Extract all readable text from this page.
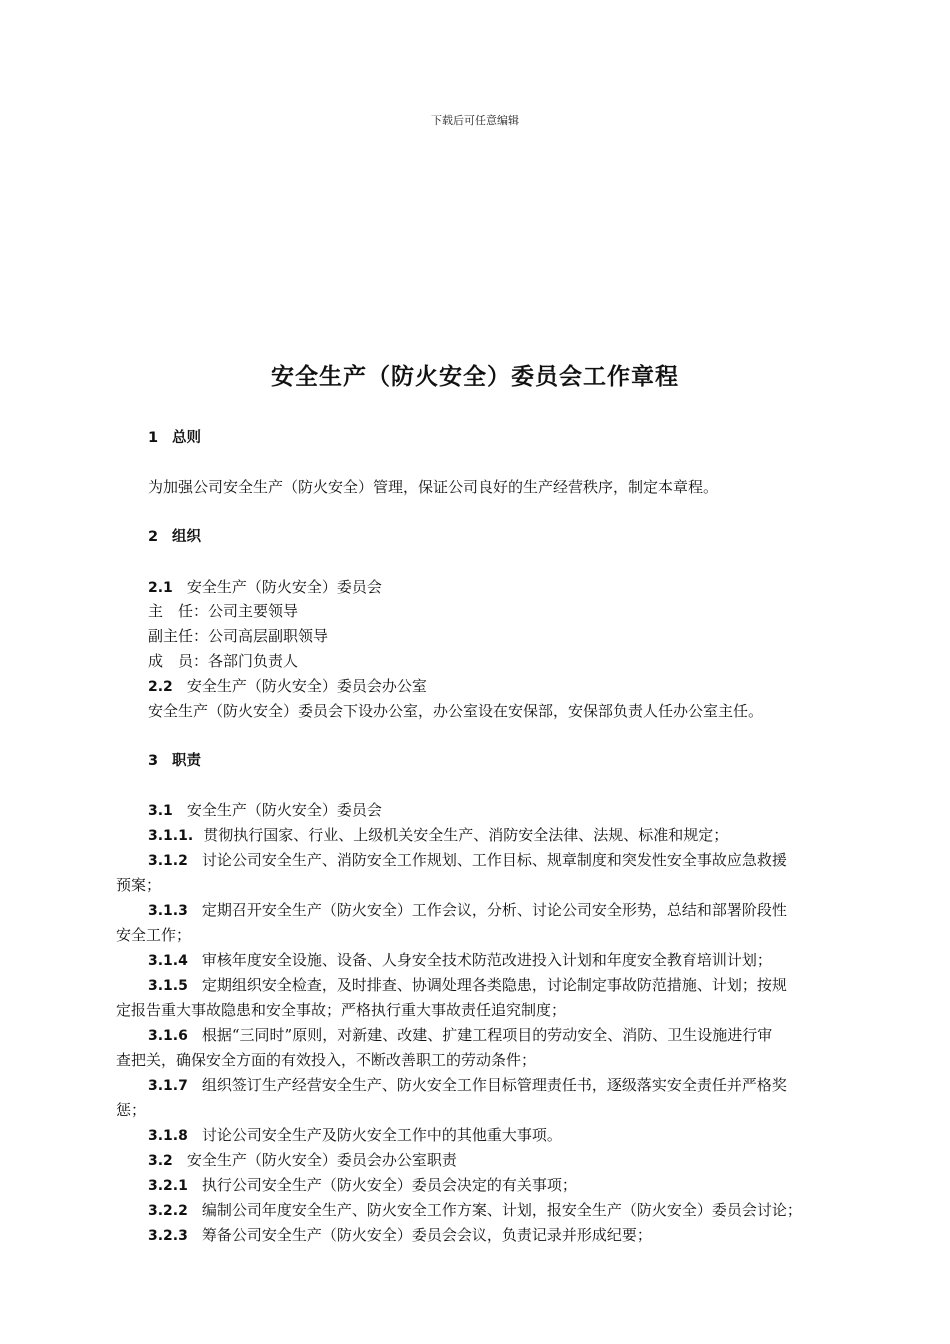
下载后可任意编辑
安全生产（防火安全）委员会工作章程
1 总则
为加强公司安全生产（防火安全）管理，保证公司良好的生产经营秩序，制定本章程。
2 组织
2.1 安全生产（防火安全）委员会
主　任：公司主要领导
副主任：公司高层副职领导
成　员：各部门负责人
2.2 安全生产（防火安全）委员会办公室
安全生产（防火安全）委员会下设办公室，办公室设在安保部，安保部负责人任办公室主任。
3 职责
3.1 安全生产（防火安全）委员会
3.1.1. 贯彻执行国家、行业、上级机关安全生产、消防安全法律、法规、标准和规定；
3.1.2 讨论公司安全生产、消防安全工作规划、工作目标、规章制度和突发性安全事故应急救援
预案；
3.1.3 定期召开安全生产（防火安全）工作会议，分析、讨论公司安全形势，总结和部署阶段性
安全工作；
3.1.4 审核年度安全设施、设备、人身安全技术防范改进投入计划和年度安全教育培训计划；
3.1.5 定期组织安全检查，及时排查、协调处理各类隐患，讨论制定事故防范措施、计划；按规
定报告重大事故隐患和安全事故；严格执行重大事故责任追究制度；
3.1.6 根据“三同时”原则，对新建、改建、扩建工程项目的劳动安全、消防、卫生设施进行审
查把关，确保安全方面的有效投入，不断改善职工的劳动条件；
3.1.7 组织签订生产经营安全生产、防火安全工作目标管理责任书，逐级落实安全责任并严格奖
惩；
3.1.8 讨论公司安全生产及防火安全工作中的其他重大事项。
3.2 安全生产（防火安全）委员会办公室职责
3.2.1 执行公司安全生产（防火安全）委员会决定的有关事项；
3.2.2 编制公司年度安全生产、防火安全工作方案、计划，报安全生产（防火安全）委员会讨论；
3.2.3 筹备公司安全生产（防火安全）委员会会议，负责记录并形成纪要；
